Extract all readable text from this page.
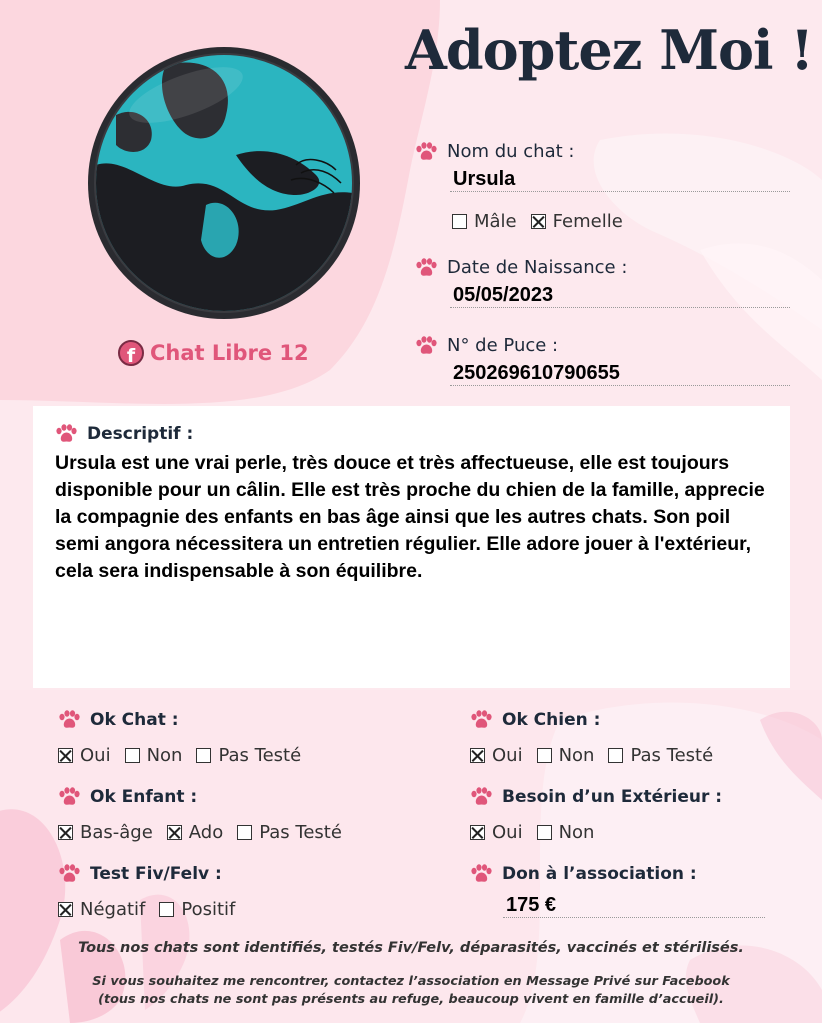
Adoptez Moi !
f Chat Libre 12
Nom du chat :
Ursula
Mâle Femelle
Date de Naissance :
05/05/2023
N° de Puce :
250269610790655
Descriptif :
Ursula est une vrai perle, très douce et très affectueuse, elle est toujours disponible pour un câlin. Elle est très proche du chien de la famille, apprecie la compagnie des enfants en bas âge ainsi que les autres chats. Son poil semi angora nécessitera un entretien régulier. Elle adore jouer à l'extérieur, cela sera indispensable à son équilibre.
Ok Chat :
Oui Non Pas Testé
Ok Chien :
Oui Non Pas Testé
Ok Enfant :
Bas-âge Ado Pas Testé
Besoin d’un Extérieur :
Oui Non
Test Fiv/Felv :
Négatif Positif
Don à l’association :
175 €
Tous nos chats sont identifiés, testés Fiv/Felv, déparasités, vaccinés et stérilisés.
Si vous souhaitez me rencontrer, contactez l’association en Message Privé sur Facebook
(tous nos chats ne sont pas présents au refuge, beaucoup vivent en famille d’accueil).
